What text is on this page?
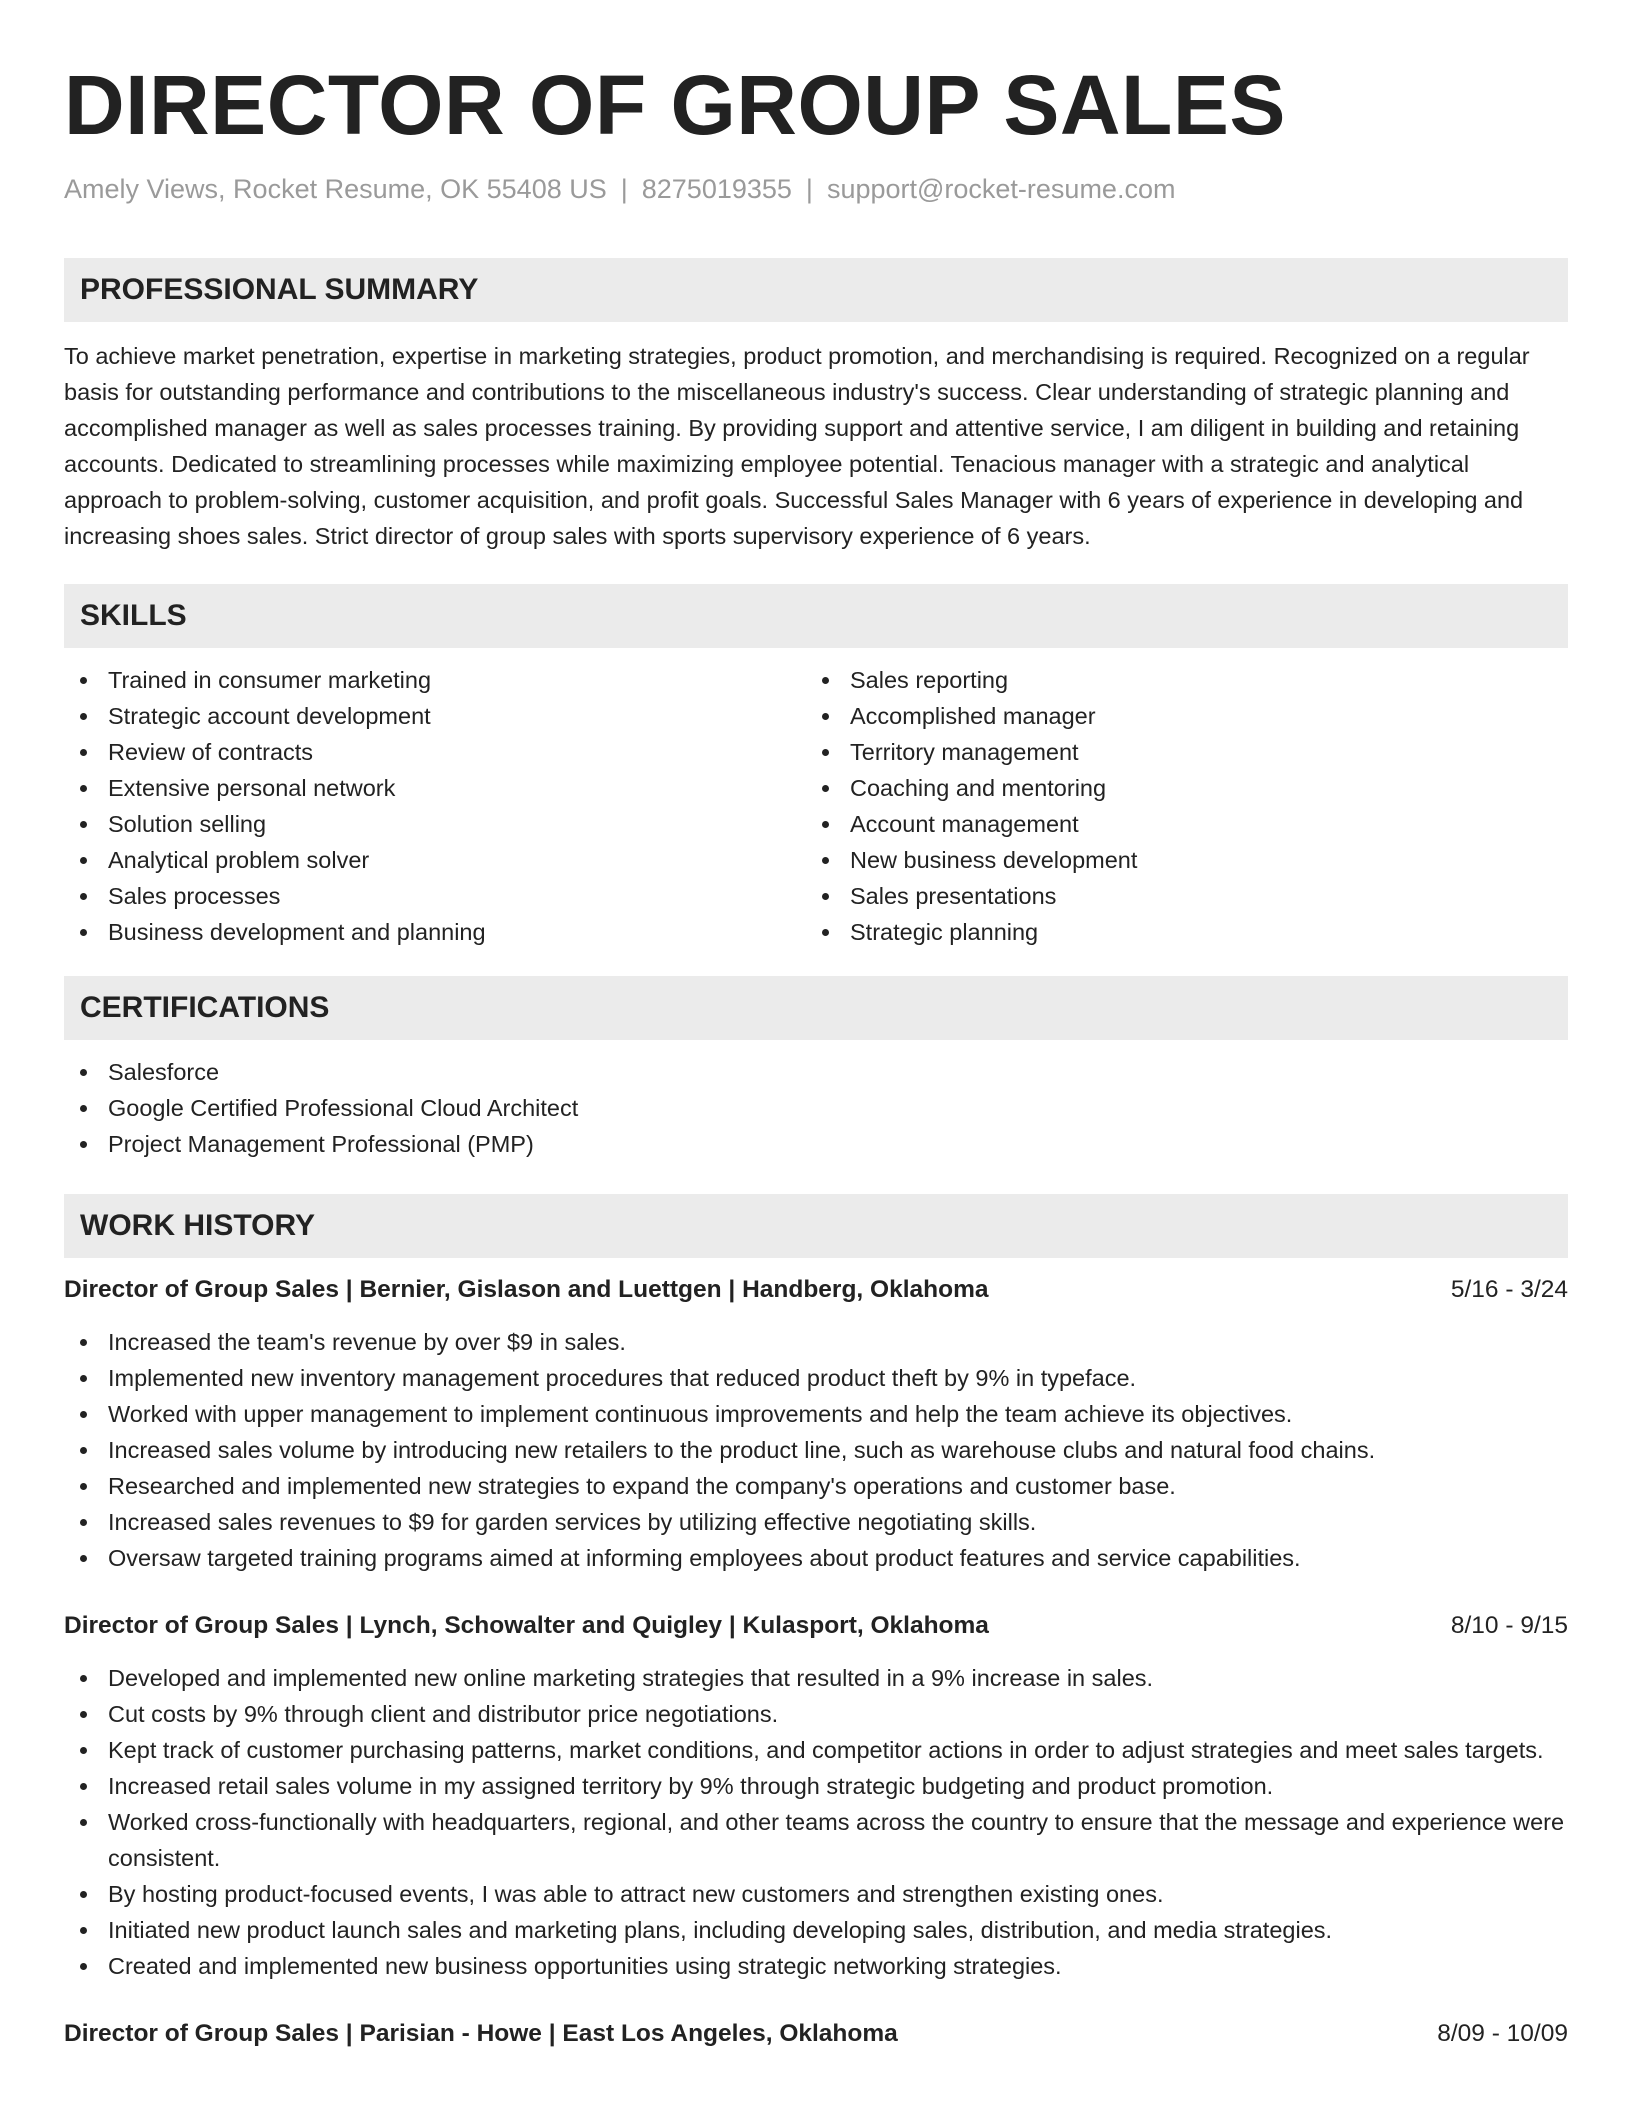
DIRECTOR OF GROUP SALES
Amely Views, Rocket Resume, OK 55408 US | 8275019355 | support@rocket-resume.com
PROFESSIONAL SUMMARY
To achieve market penetration, expertise in marketing strategies, product promotion, and merchandising is required. Recognized on a regular basis for outstanding performance and contributions to the miscellaneous industry's success. Clear understanding of strategic planning and accomplished manager as well as sales processes training. By providing support and attentive service, I am diligent in building and retaining accounts. Dedicated to streamlining processes while maximizing employee potential. Tenacious manager with a strategic and analytical approach to problem-solving, customer acquisition, and profit goals. Successful Sales Manager with 6 years of experience in developing and increasing shoes sales. Strict director of group sales with sports supervisory experience of 6 years.
SKILLS
Trained in consumer marketing
Strategic account development
Review of contracts
Extensive personal network
Solution selling
Analytical problem solver
Sales processes
Business development and planning
Sales reporting
Accomplished manager
Territory management
Coaching and mentoring
Account management
New business development
Sales presentations
Strategic planning
CERTIFICATIONS
Salesforce
Google Certified Professional Cloud Architect
Project Management Professional (PMP)
WORK HISTORY
Director of Group Sales | Bernier, Gislason and Luettgen | Handberg, Oklahoma	5/16 - 3/24
Increased the team's revenue by over $9 in sales.
Implemented new inventory management procedures that reduced product theft by 9% in typeface.
Worked with upper management to implement continuous improvements and help the team achieve its objectives.
Increased sales volume by introducing new retailers to the product line, such as warehouse clubs and natural food chains.
Researched and implemented new strategies to expand the company's operations and customer base.
Increased sales revenues to $9 for garden services by utilizing effective negotiating skills.
Oversaw targeted training programs aimed at informing employees about product features and service capabilities.
Director of Group Sales | Lynch, Schowalter and Quigley | Kulasport, Oklahoma	8/10 - 9/15
Developed and implemented new online marketing strategies that resulted in a 9% increase in sales.
Cut costs by 9% through client and distributor price negotiations.
Kept track of customer purchasing patterns, market conditions, and competitor actions in order to adjust strategies and meet sales targets.
Increased retail sales volume in my assigned territory by 9% through strategic budgeting and product promotion.
Worked cross-functionally with headquarters, regional, and other teams across the country to ensure that the message and experience were consistent.
By hosting product-focused events, I was able to attract new customers and strengthen existing ones.
Initiated new product launch sales and marketing plans, including developing sales, distribution, and media strategies.
Created and implemented new business opportunities using strategic networking strategies.
Director of Group Sales | Parisian - Howe | East Los Angeles, Oklahoma	8/09 - 10/09
